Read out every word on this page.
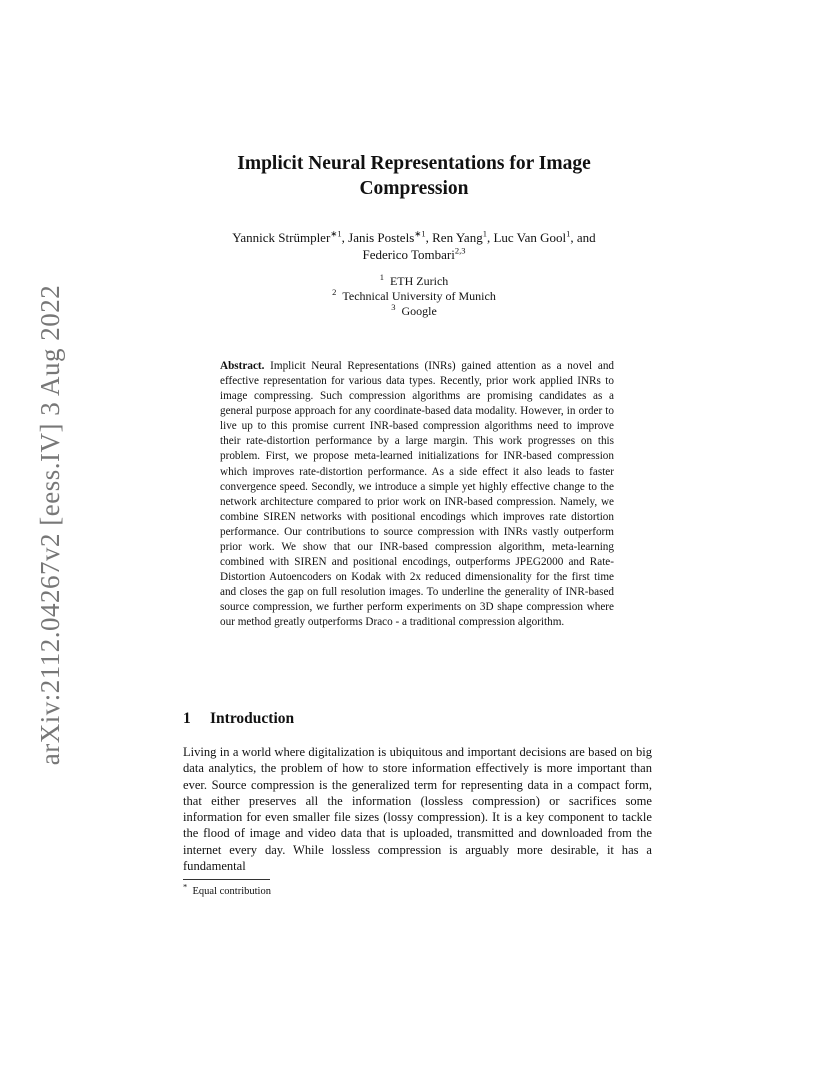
arXiv:2112.04267v2 [eess.IV] 3 Aug 2022
Implicit Neural Representations for Image Compression
Yannick Strümpler$^{∗1}$, Janis Postels$^{∗1}$, Ren Yang$^1$, Luc Van Gool$^1$, and
Federico Tombari$^{2,3}$
$^1$ ETH Zurich
$^2$ Technical University of Munich
$^3$ Google
Abstract. Implicit Neural Representations (INRs) gained attention as a novel and effective representation for various data types. Recently, prior work applied INRs to image compressing. Such compression algorithms are promising candidates as a general purpose approach for any coordinate-based data modality. However, in order to live up to this promise current INR-based compression algorithms need to improve their rate-distortion performance by a large margin. This work progresses on this problem. First, we propose meta-learned initializations for INR-based compression which improves rate-distortion performance. As a side effect it also leads to faster convergence speed. Secondly, we introduce a simple yet highly effective change to the network architecture compared to prior work on INR-based compression. Namely, we combine SIREN networks with positional encodings which improves rate distortion performance. Our contributions to source compression with INRs vastly outperform prior work. We show that our INR-based compression algorithm, meta-learning combined with SIREN and positional encodings, outperforms JPEG2000 and Rate-Distortion Autoencoders on Kodak with 2x reduced dimensionality for the first time and closes the gap on full resolution images. To underline the generality of INR-based source compression, we further perform experiments on 3D shape compression where our method greatly outperforms Draco - a traditional compression algorithm.
1 Introduction
Living in a world where digitalization is ubiquitous and important decisions are based on big data analytics, the problem of how to store information effectively is more important than ever. Source compression is the generalized term for representing data in a compact form, that either preserves all the information (lossless compression) or sacrifices some information for even smaller file sizes (lossy compression). It is a key component to tackle the flood of image and video data that is uploaded, transmitted and downloaded from the internet every day. While lossless compression is arguably more desirable, it has a fundamental
* Equal contribution
